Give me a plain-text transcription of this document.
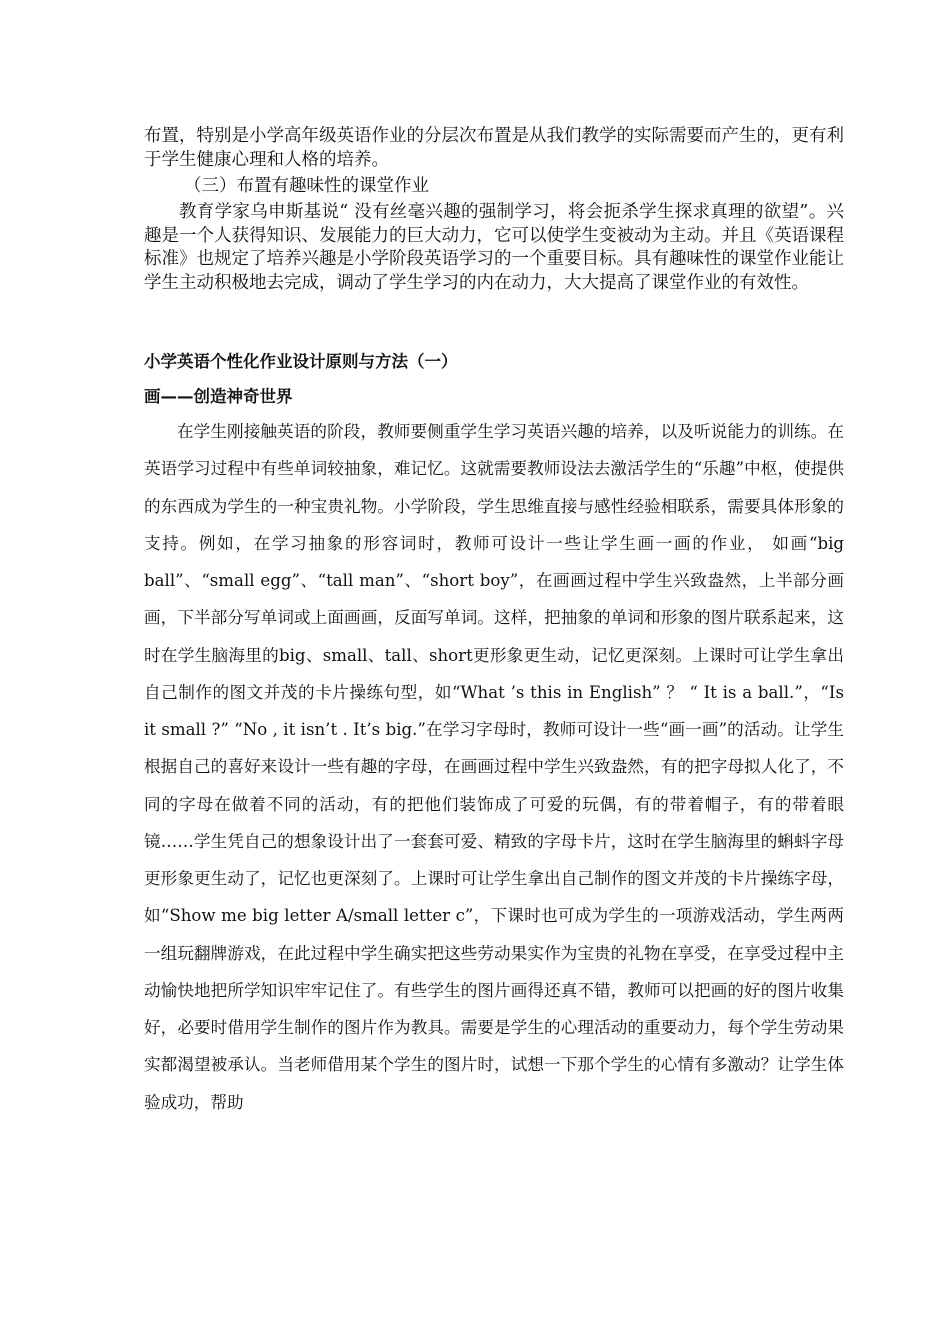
布置，特别是小学高年级英语作业的分层次布置是从我们教学的实际需要而产生的，更有利于学生健康心理和人格的培养。

（三）布置有趣味性的课堂作业

教育学家乌申斯基说“ 没有丝毫兴趣的强制学习，将会扼杀学生探求真理的欲望”。兴趣是一个人获得知识、发展能力的巨大动力，它可以使学生变被动为主动。并且《英语课程标准》也规定了培养兴趣是小学阶段英语学习的一个重要目标。具有趣味性的课堂作业能让学生主动积极地去完成，调动了学生学习的内在动力，大大提高了课堂作业的有效性。

小学英语个性化作业设计原则与方法（一）
画——创造神奇世界

在学生刚接触英语的阶段，教师要侧重学生学习英语兴趣的培养，以及听说能力的训练。在英语学习过程中有些单词较抽象，难记忆。这就需要教师设法去激活学生的“乐趣”中枢，使提供的东西成为学生的一种宝贵礼物。小学阶段，学生思维直接与感性经验相联系，需要具体形象的支持。例如，在学习抽象的形容词时，教师可设计一些让学生画一画的作业， 如画“big ball”、“small egg”、“tall man”、“short boy”，在画画过程中学生兴致盎然，上半部分画画，下半部分写单词或上面画画，反面写单词。这样，把抽象的单词和形象的图片联系起来，这时在学生脑海里的big、small、tall、short更形象更生动，记忆更深刻。上课时可让学生拿出自己制作的图文并茂的卡片操练句型，如“What ’s this in English” ？ “ It is a ball.”，“Is it small ?” “No , it isn’t . It’s big.”在学习字母时，教师可设计一些“画一画”的活动。让学生根据自己的喜好来设计一些有趣的字母，在画画过程中学生兴致盎然，有的把字母拟人化了，不同的字母在做着不同的活动，有的把他们装饰成了可爱的玩偶，有的带着帽子，有的带着眼镜……学生凭自己的想象设计出了一套套可爱、精致的字母卡片，这时在学生脑海里的蝌蚪字母更形象更生动了，记忆也更深刻了。上课时可让学生拿出自己制作的图文并茂的卡片操练字母，如“Show me big letter A/small letter c”，下课时也可成为学生的一项游戏活动，学生两两一组玩翻牌游戏，在此过程中学生确实把这些劳动果实作为宝贵的礼物在享受，在享受过程中主动愉快地把所学知识牢牢记住了。有些学生的图片画得还真不错，教师可以把画的好的图片收集好，必要时借用学生制作的图片作为教具。需要是学生的心理活动的重要动力，每个学生劳动果实都渴望被承认。当老师借用某个学生的图片时，试想一下那个学生的心情有多激动？让学生体验成功，帮助
